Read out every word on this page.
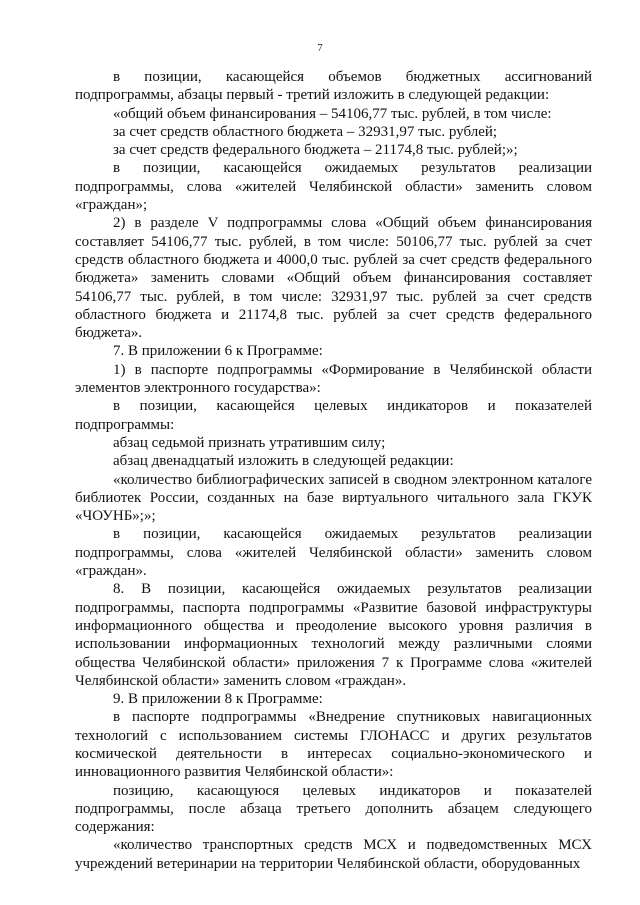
7

в позиции, касающейся объемов бюджетных ассигнований подпрограммы, абзацы первый - третий изложить в следующей редакции:

«общий объем финансирования – 54106,77 тыс. рублей, в том числе:

за счет средств областного бюджета – 32931,97 тыс. рублей;

за счет средств федерального бюджета – 21174,8 тыс. рублей;»;

в позиции, касающейся ожидаемых результатов реализации подпрограммы, слова «жителей Челябинской области» заменить словом «граждан»;

2) в разделе V подпрограммы слова «Общий объем финансирования составляет 54106,77 тыс. рублей, в том числе: 50106,77 тыс. рублей за счет средств областного бюджета и 4000,0 тыс. рублей за счет средств федерального бюджета» заменить словами «Общий объем финансирования составляет 54106,77 тыс. рублей, в том числе: 32931,97 тыс. рублей за счет средств областного бюджета и 21174,8 тыс. рублей за счет средств федерального бюджета».

7. В приложении 6 к Программе:

1) в паспорте подпрограммы «Формирование в Челябинской области элементов электронного государства»:

в позиции, касающейся целевых индикаторов и показателей подпрограммы:

абзац седьмой признать утратившим силу;

абзац двенадцатый изложить в следующей редакции:

«количество библиографических записей в сводном электронном каталоге библиотек России, созданных на базе виртуального читального зала ГКУК «ЧОУНБ»;»;

в позиции, касающейся ожидаемых результатов реализации подпрограммы, слова «жителей Челябинской области» заменить словом «граждан».

8. В позиции, касающейся ожидаемых результатов реализации подпрограммы, паспорта подпрограммы «Развитие базовой инфраструктуры информационного общества и преодоление высокого уровня различия в использовании информационных технологий между различными слоями общества Челябинской области» приложения 7 к Программе слова «жителей Челябинской области» заменить словом «граждан».

9. В приложении 8 к Программе:

в паспорте подпрограммы «Внедрение спутниковых навигационных технологий с использованием системы ГЛОНАСС и других результатов космической деятельности в интересах социально-экономического и инновационного развития Челябинской области»:

позицию, касающуюся целевых индикаторов и показателей подпрограммы, после абзаца третьего дополнить абзацем следующего содержания:

«количество транспортных средств МСХ и подведомственных МСХ учреждений ветеринарии на территории Челябинской области, оборудованных
